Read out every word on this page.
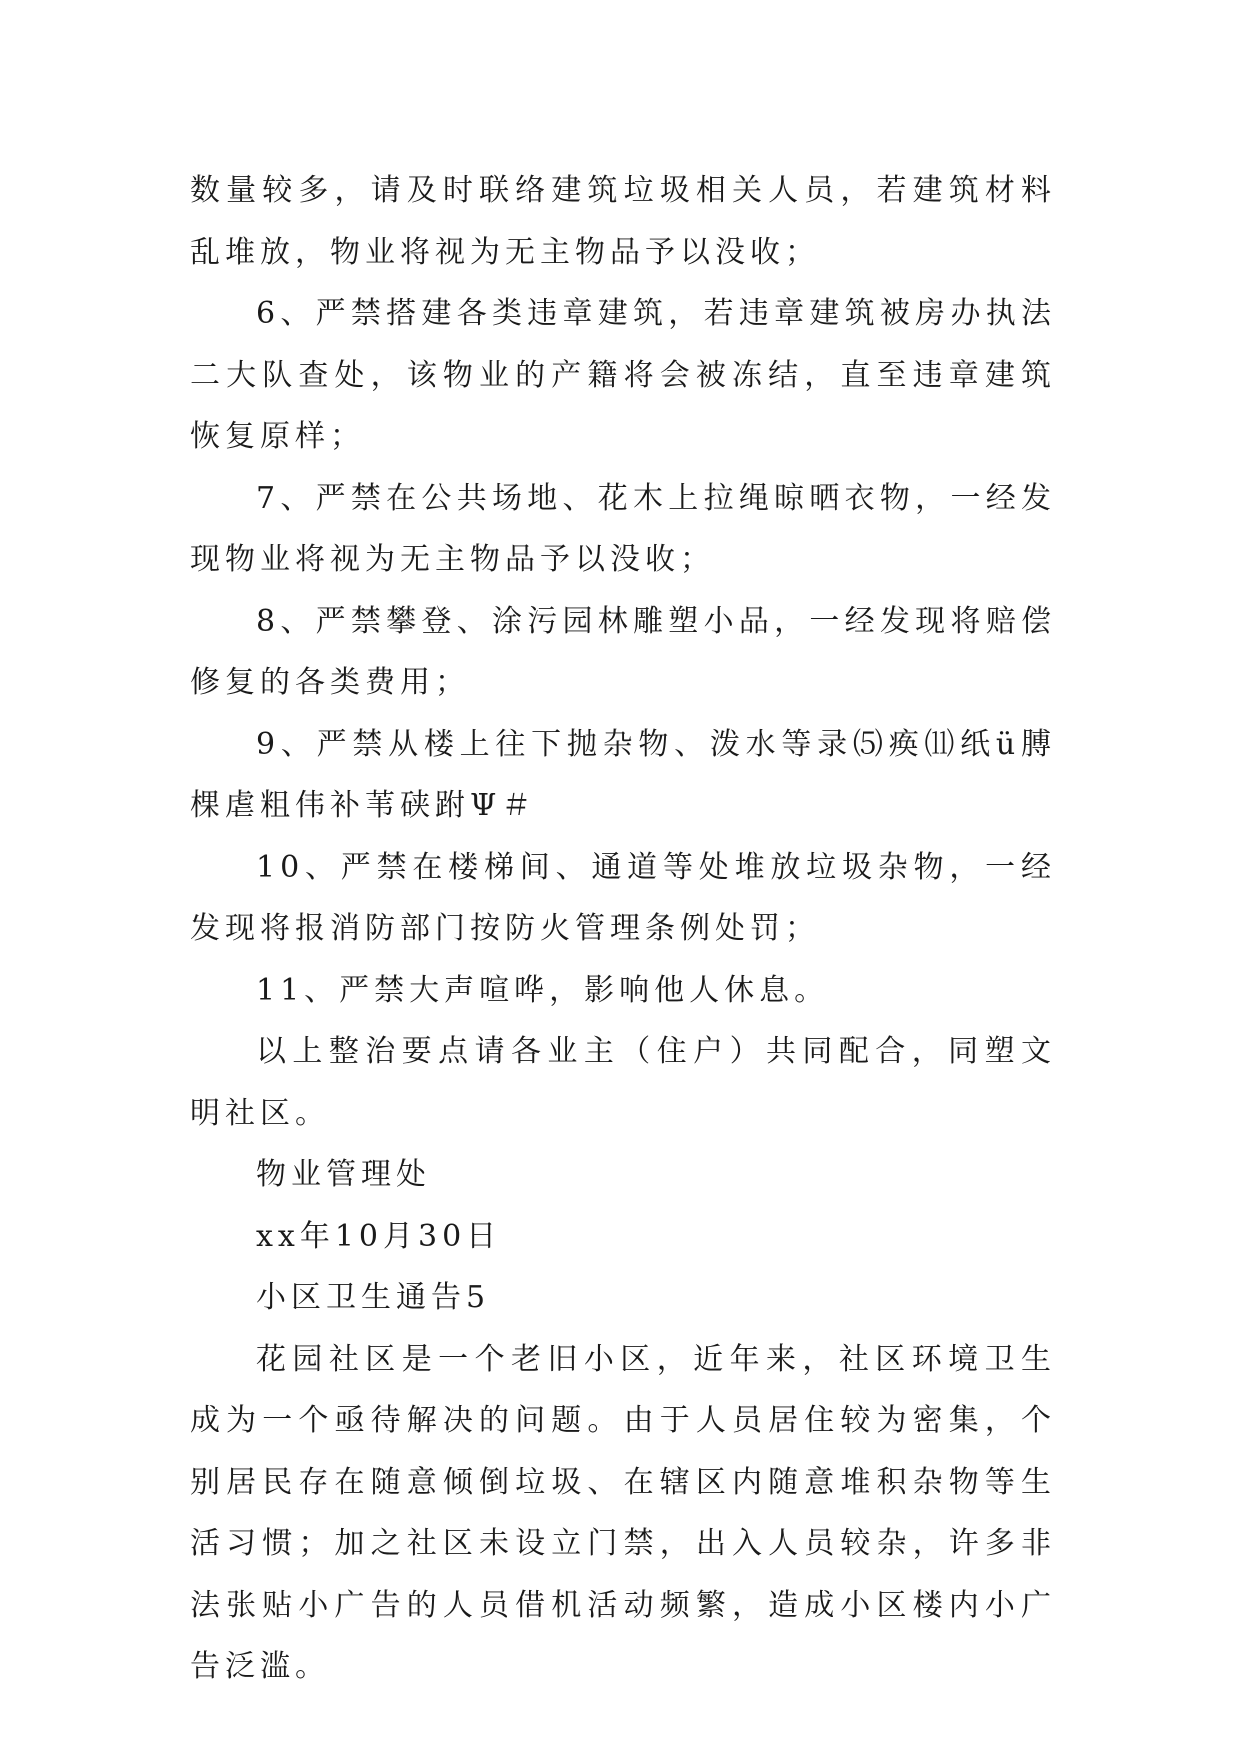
数量较多，请及时联络建筑垃圾相关人员，若建筑材料乱堆放，物业将视为无主物品予以没收；

6、严禁搭建各类违章建筑，若违章建筑被房办执法二大队查处，该物业的产籍将会被冻结，直至违章建筑恢复原样；

7、严禁在公共场地、花木上拉绳晾晒衣物，一经发现物业将视为无主物品予以没收；

8、严禁攀登、涂污园林雕塑小品，一经发现将赔偿修复的各类费用；

9、严禁从楼上往下抛杂物、泼水等录⑸痪⑾纸ü膊棵虐粗伟补苇硖跗Ψ＃

10、严禁在楼梯间、通道等处堆放垃圾杂物，一经发现将报消防部门按防火管理条例处罚；

11、严禁大声喧哗，影响他人休息。

以上整治要点请各业主（住户）共同配合，同塑文明社区。

物业管理处

xx年10月30日

小区卫生通告5

花园社区是一个老旧小区，近年来，社区环境卫生成为一个亟待解决的问题。由于人员居住较为密集，个别居民存在随意倾倒垃圾、在辖区内随意堆积杂物等生活习惯；加之社区未设立门禁，出入人员较杂，许多非法张贴小广告的人员借机活动频繁，造成小区楼内小广告泛滥。
